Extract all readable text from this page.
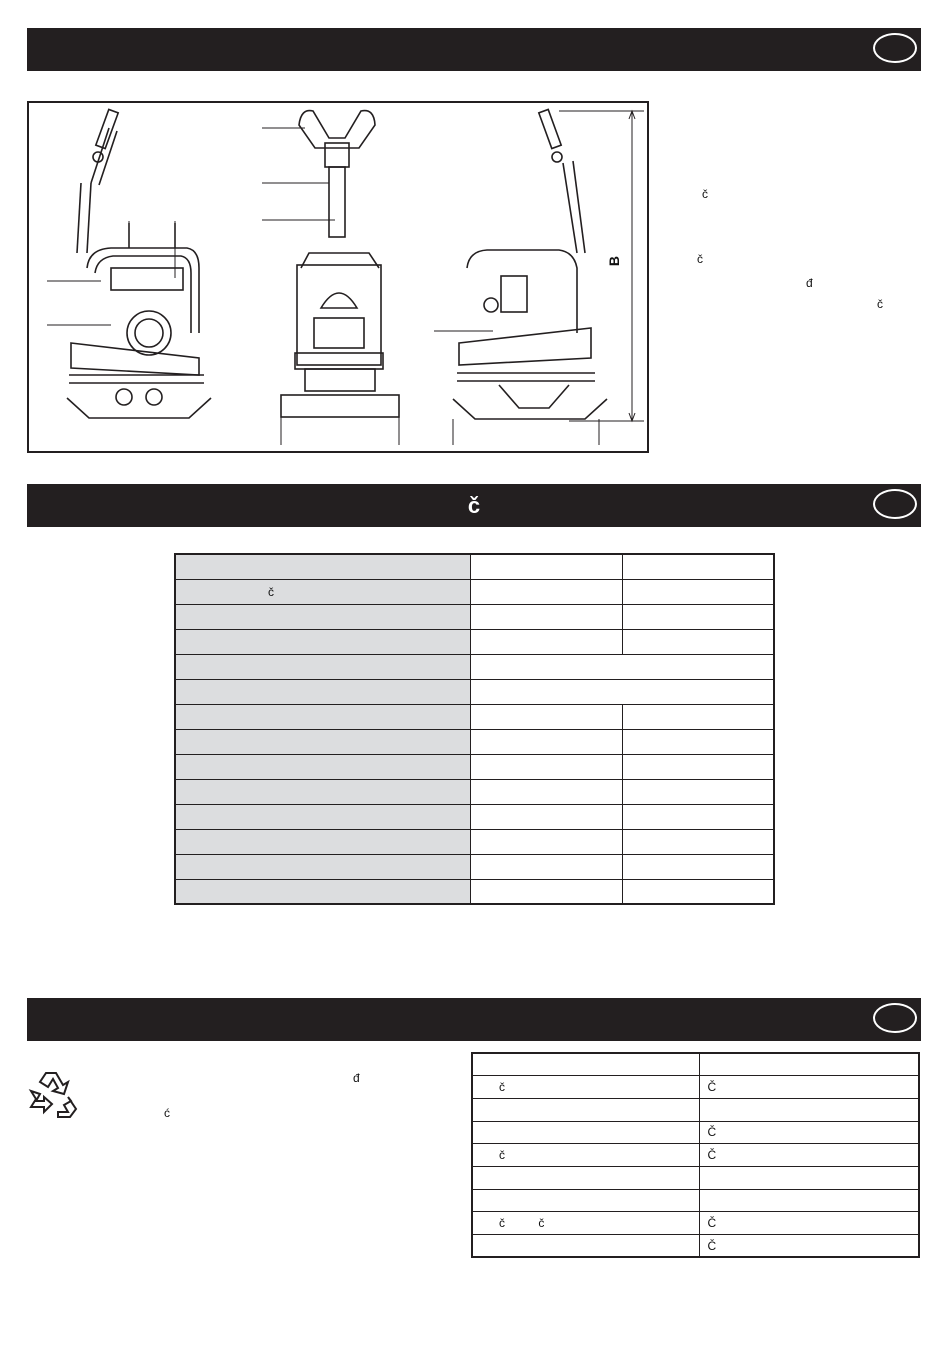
B
č
č
đ
č
č

č		

đ
ć

č	Č

	Č
č	Č

č          č	Č
	Č
